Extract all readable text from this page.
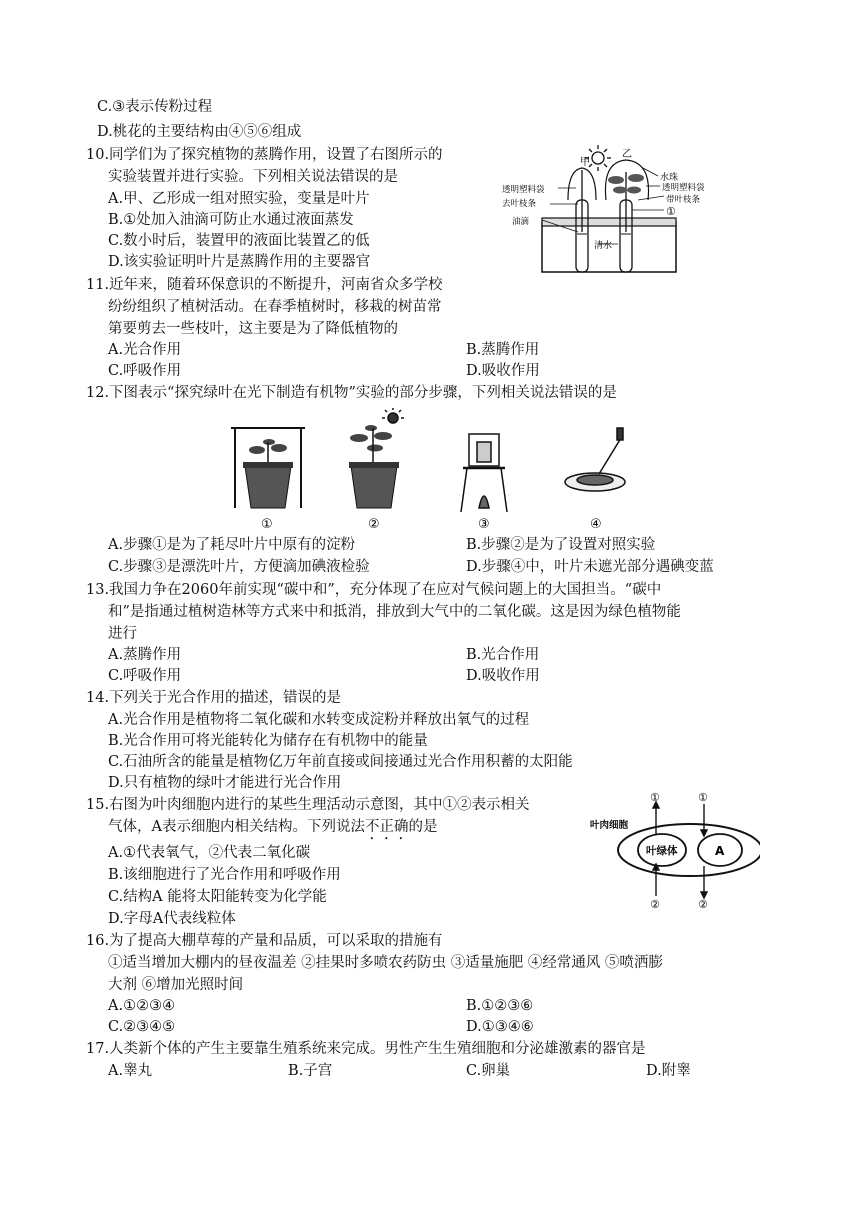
C.③表示传粉过程
D.桃花的主要结构由④⑤⑥组成
10.同学们为了探究植物的蒸腾作用，设置了右图所示的
实验装置并进行实验。下列相关说法错误的是
A.甲、乙形成一组对照实验，变量是叶片
B.①处加入油滴可防止水通过液面蒸发
C.数小时后，装置甲的液面比装置乙的低
D.该实验证明叶片是蒸腾作用的主要器官
甲
乙
水珠
透明塑料袋
去叶枝条
油滴
透明塑料袋
带叶枝条
①
清水
11.近年来，随着环保意识的不断提升，河南省众多学校
纷纷组织了植树活动。在春季植树时，移栽的树苗常
第要剪去一些枝叶，这主要是为了降低植物的
A.光合作用	B.蒸腾作用
C.呼吸作用	D.吸收作用
12.下图表示“探究绿叶在光下制造有机物”实验的部分步骤，下列相关说法错误的是
①	②	③	④
A.步骤①是为了耗尽叶片中原有的淀粉	B.步骤②是为了设置对照实验
C.步骤③是漂洗叶片，方便滴加碘液检验	D.步骤④中，叶片未遮光部分遇碘变蓝
13.我国力争在2060年前实现“碳中和”，充分体现了在应对气候问题上的大国担当。“碳中
和”是指通过植树造林等方式来中和抵消，排放到大气中的二氧化碳。这是因为绿色植物能
进行
A.蒸腾作用	B.光合作用
C.呼吸作用	D.吸收作用
14.下列关于光合作用的描述，错误的是
A.光合作用是植物将二氧化碳和水转变成淀粉并释放出氧气的过程
B.光合作用可将光能转化为储存在有机物中的能量
C.石油所含的能量是植物亿万年前直接或间接通过光合作用积蓄的太阳能
D.只有植物的绿叶才能进行光合作用
15.右图为叶肉细胞内进行的某些生理活动示意图，其中①②表示相关
气体，A表示细胞内相关结构。下列说法不正确的是
A.①代表氧气，②代表二氧化碳
B.该细胞进行了光合作用和呼吸作用
C.结构A 能将太阳能转变为化学能
D.字母A代表线粒体
叶肉细胞
叶绿体	A
①	①
②	②
16.为了提高大棚草莓的产量和品质，可以采取的措施有
①适当增加大棚内的昼夜温差 ②挂果时多喷农药防虫 ③适量施肥 ④经常通风 ⑤喷洒膨
大剂 ⑥增加光照时间
A.①②③④	B.①②③⑥
C.②③④⑤	D.①③④⑥
17.人类新个体的产生主要靠生殖系统来完成。男性产生生殖细胞和分泌雄激素的器官是
A.睾丸	B.子宫	C.卵巢	D.附睾
